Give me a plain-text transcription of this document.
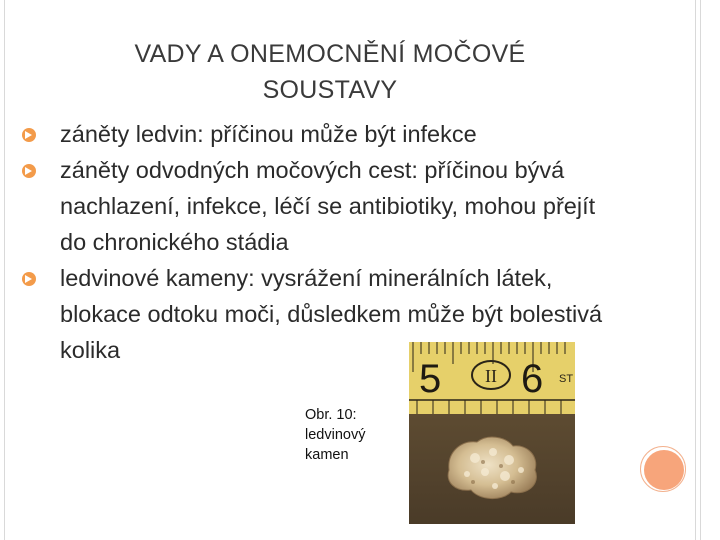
VADY A ONEMOCNĚNÍ MOČOVÉ
SOUSTAVY
záněty ledvin: příčinou může být infekce
záněty odvodných močových cest: příčinou bývá nachlazení, infekce, léčí se antibiotiky, mohou přejít do chronického stádia
ledvinové kameny: vysrážení minerálních látek, blokace odtoku moči, důsledkem může být bolestivá kolika
5 II 6 ST
Obr. 10:
ledvinový
kamen
